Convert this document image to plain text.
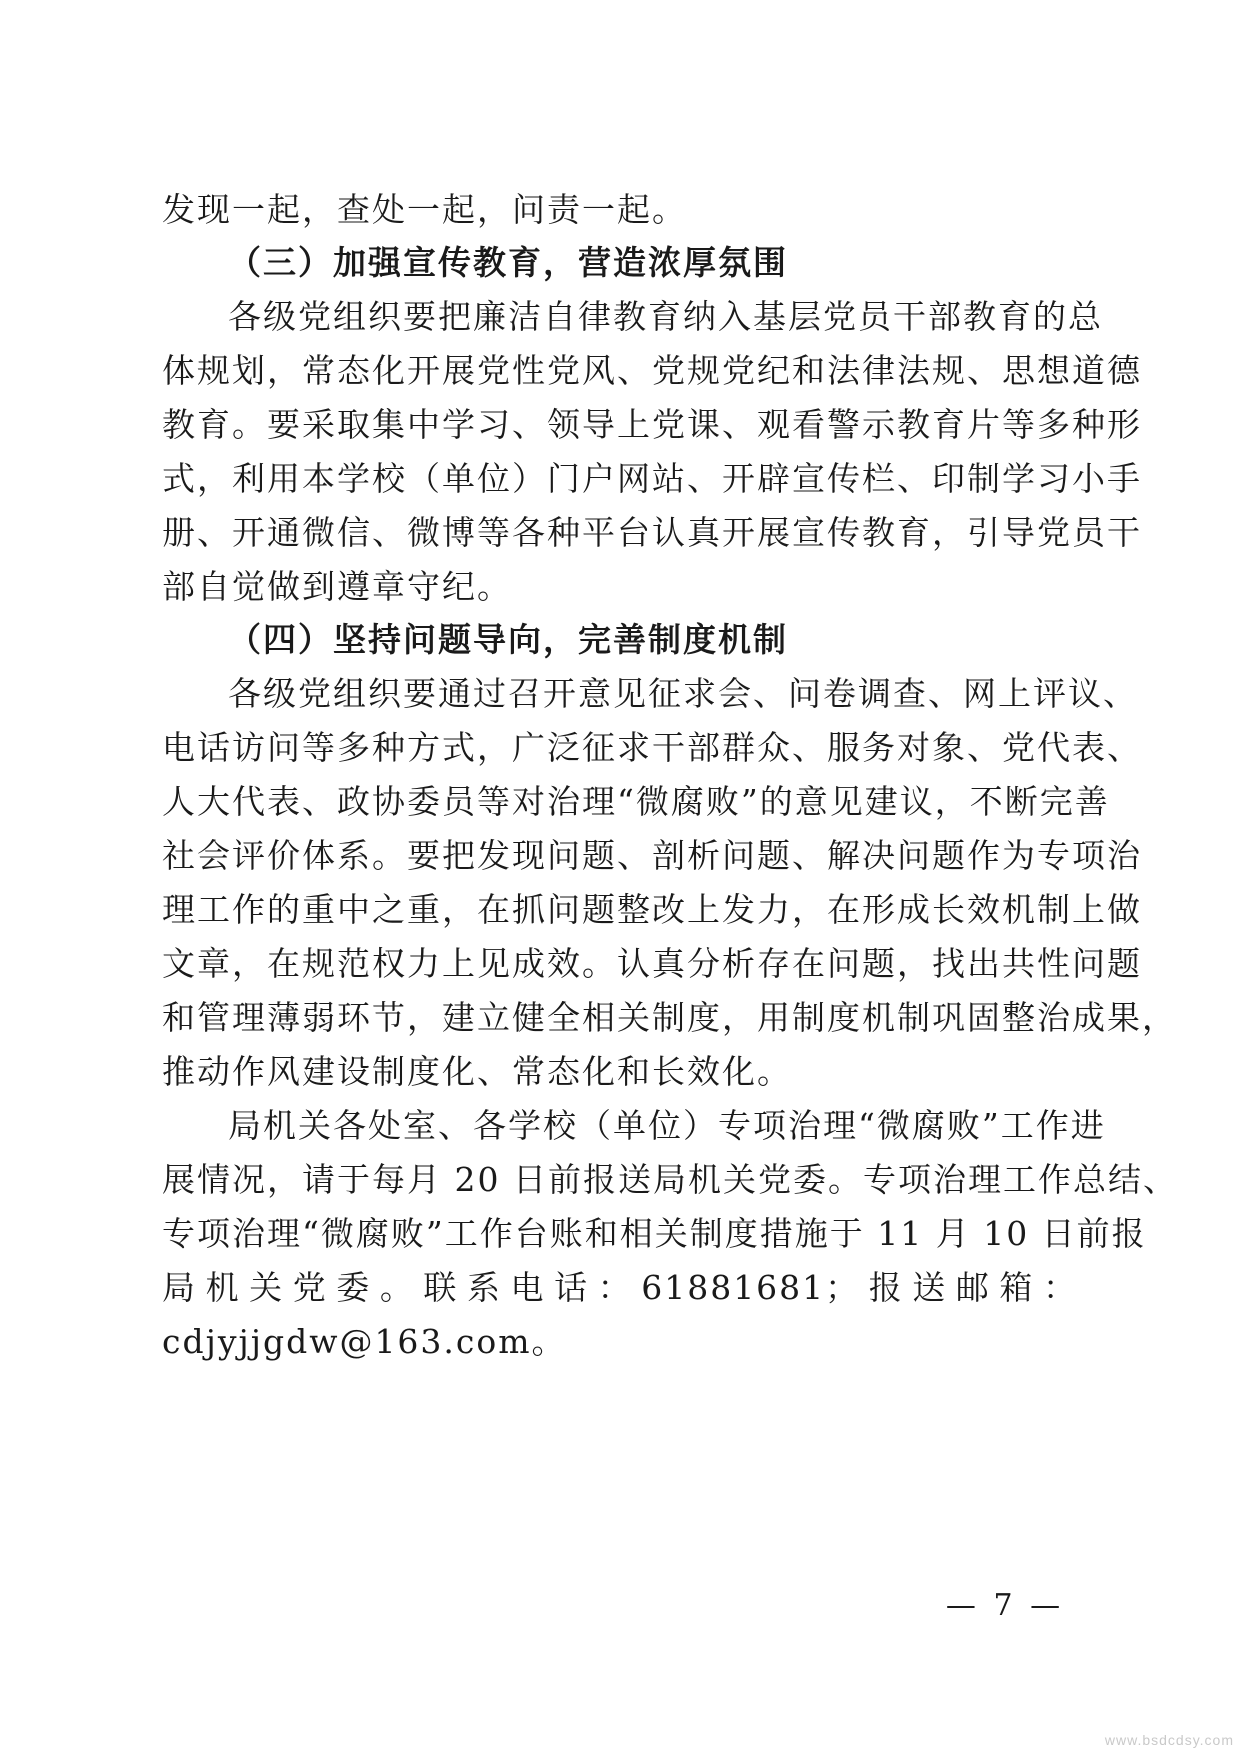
发现一起，查处一起，问责一起。
（三）加强宣传教育，营造浓厚氛围
各级党组织要把廉洁自律教育纳入基层党员干部教育的总
体规划，常态化开展党性党风、党规党纪和法律法规、思想道德
教育。要采取集中学习、领导上党课、观看警示教育片等多种形
式，利用本学校（单位）门户网站、开辟宣传栏、印制学习小手
册、开通微信、微博等各种平台认真开展宣传教育，引导党员干
部自觉做到遵章守纪。
（四）坚持问题导向，完善制度机制
各级党组织要通过召开意见征求会、问卷调查、网上评议、
电话访问等多种方式，广泛征求干部群众、服务对象、党代表、
人大代表、政协委员等对治理“微腐败”的意见建议，不断完善
社会评价体系。要把发现问题、剖析问题、解决问题作为专项治
理工作的重中之重，在抓问题整改上发力，在形成长效机制上做
文章，在规范权力上见成效。认真分析存在问题，找出共性问题
和管理薄弱环节，建立健全相关制度，用制度机制巩固整治成果，
推动作风建设制度化、常态化和长效化。
局机关各处室、各学校（单位）专项治理“微腐败”工作进
展情况，请于每月 20 日前报送局机关党委。专项治理工作总结、
专项治理“微腐败”工作台账和相关制度措施于 11 月 10 日前报
局机关党委。联系电话：61881681；报送邮箱：
cdjyjjgdw@163.com。
— 7 —
www.bsdcdsy.com
